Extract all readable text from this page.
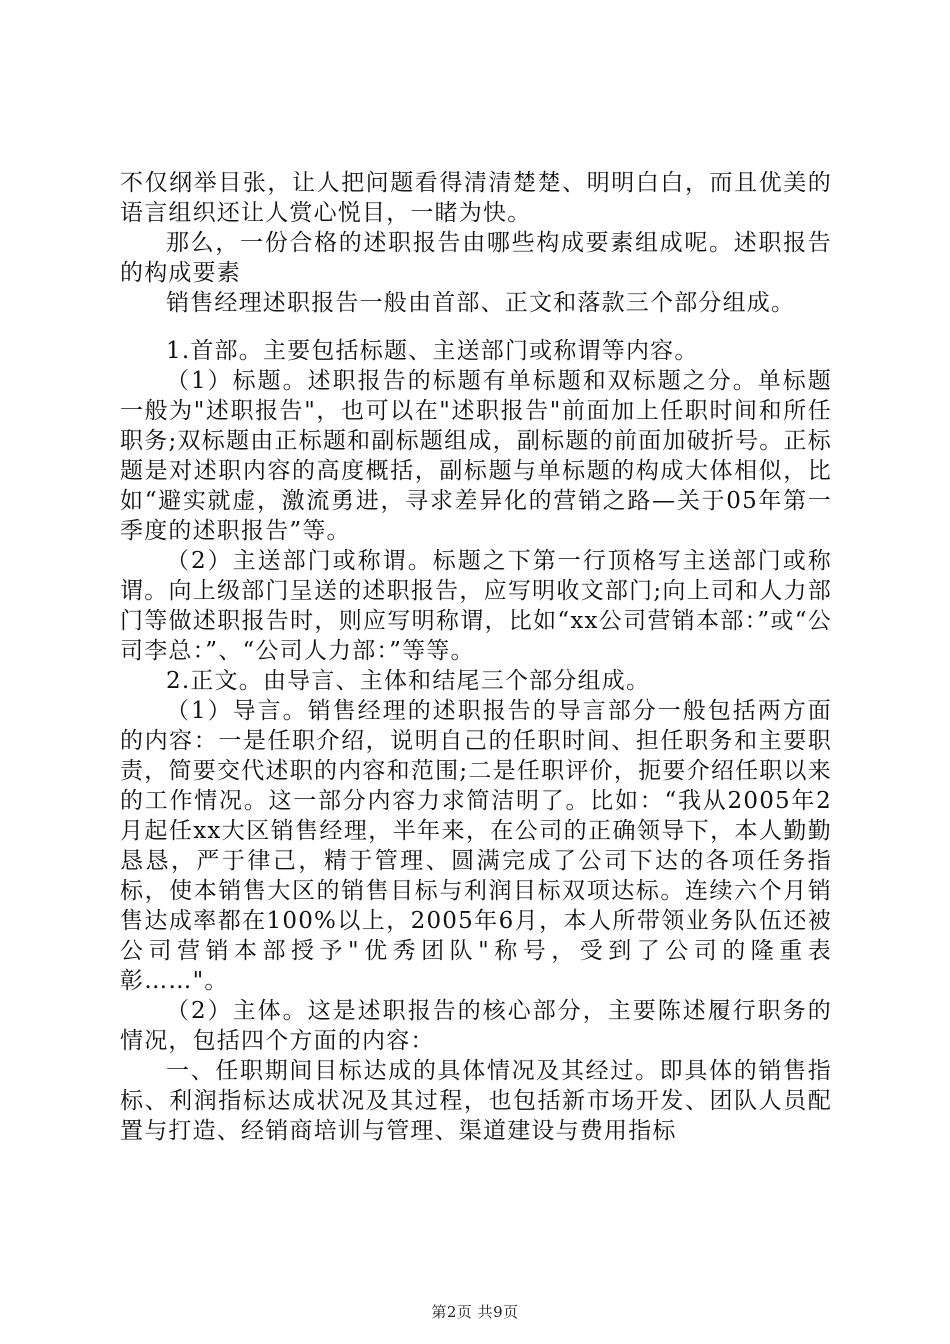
不仅纲举目张，让人把问题看得清清楚楚、明明白白，而且优美的语言组织还让人赏心悦目，一睹为快。

那么，一份合格的述职报告由哪些构成要素组成呢。述职报告的构成要素

销售经理述职报告一般由首部、正文和落款三个部分组成。

1.首部。主要包括标题、主送部门或称谓等内容。

（1）标题。述职报告的标题有单标题和双标题之分。单标题一般为"述职报告"，也可以在"述职报告"前面加上任职时间和所任职务;双标题由正标题和副标题组成，副标题的前面加破折号。正标题是对述职内容的高度概括，副标题与单标题的构成大体相似，比如“避实就虚，激流勇进，寻求差异化的营销之路—关于05年第一季度的述职报告”等。

（2）主送部门或称谓。标题之下第一行顶格写主送部门或称谓。向上级部门呈送的述职报告，应写明收文部门;向上司和人力部门等做述职报告时，则应写明称谓，比如“xx公司营销本部：”或“公司李总：”、“公司人力部：”等等。

2.正文。由导言、主体和结尾三个部分组成。

（1）导言。销售经理的述职报告的导言部分一般包括两方面的内容：一是任职介绍，说明自己的任职时间、担任职务和主要职责，简要交代述职的内容和范围;二是任职评价，扼要介绍任职以来的工作情况。这一部分内容力求简洁明了。比如：“我从2005年2月起任xx大区销售经理，半年来，在公司的正确领导下，本人勤勤恳恳，严于律己，精于管理、圆满完成了公司下达的各项任务指标，使本销售大区的销售目标与利润目标双项达标。连续六个月销售达成率都在100%以上，2005年6月，本人所带领业务队伍还被公司营销本部授予"优秀团队"称号，受到了公司的隆重表彰……"。

（2）主体。这是述职报告的核心部分，主要陈述履行职务的情况，包括四个方面的内容：

一、任职期间目标达成的具体情况及其经过。即具体的销售指标、利润指标达成状况及其过程，也包括新市场开发、团队人员配置与打造、经销商培训与管理、渠道建设与费用指标

第2页 共9页
